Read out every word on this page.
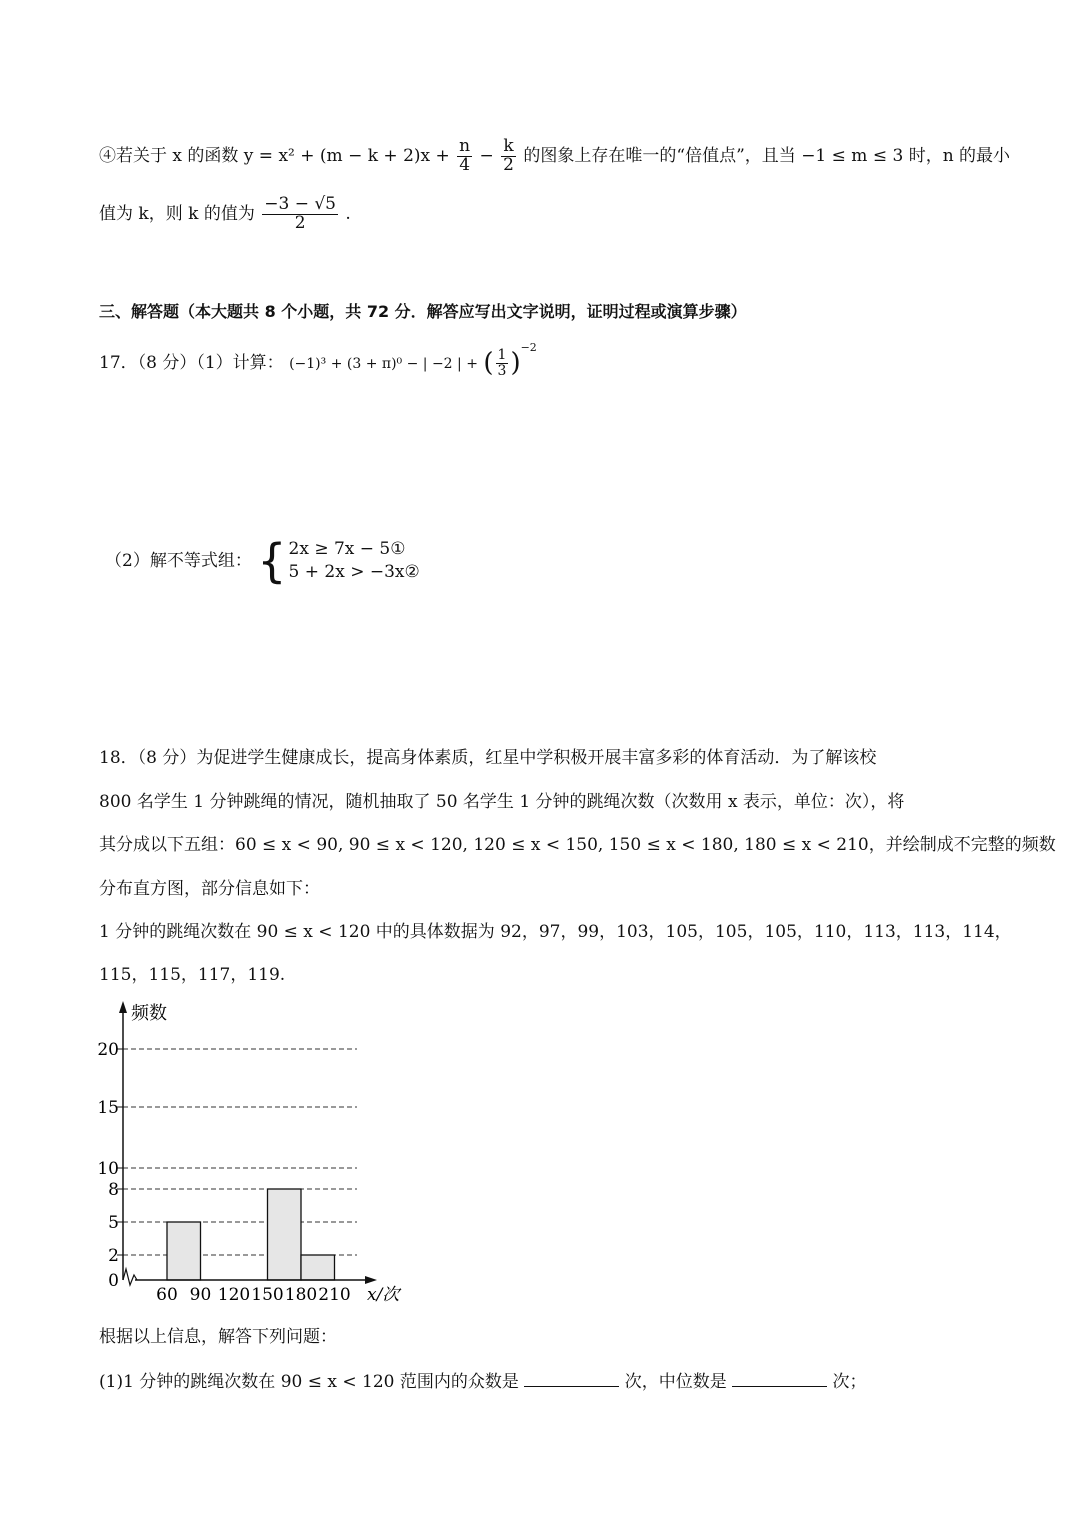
④若关于 x 的函数 $y = x^2 + (m - k + 2)x + \frac{n}{4} - \frac{k}{2}$ 的图象上存在唯一的“倍值点”，且当 −1 ≤ m ≤ 3 时，n 的最小
值为 k，则 k 的值为 $\frac{-3 - √5}{2}$ .
三、解答题（本大题共 8 个小题，共 72 分．解答应写出文字说明，证明过程或演算步骤）
17．（8 分）（1）计算： (−1)³ + (3 + π)⁰ − | −2 | + ( $\frac{1}{3} )^{-2}$
（2）解不等式组： { 2x ≥ 7x − 5①
5 + 2x > −3x②
18．（8 分）为促进学生健康成长，提高身体素质，红星中学积极开展丰富多彩的体育活动．为了解该校
800 名学生 1 分钟跳绳的情况，随机抽取了 50 名学生 1 分钟的跳绳次数（次数用 x 表示，单位：次），将
其分成以下五组：60 ≤ x < 90, 90 ≤ x < 120, 120 ≤ x < 150, 150 ≤ x < 180, 180 ≤ x < 210，并绘制成不完整的频数
分布直方图，部分信息如下：
1 分钟的跳绳次数在 90 ≤ x < 120 中的具体数据为 92，97，99，103，105，105，105，110，113，113，114，
115，115，117，119.
频数
x/次
0
2
5
8
10
15
20
60 90 120 150 180 210
根据以上信息，解答下列问题：
(1)1 分钟的跳绳次数在 90 ≤ x < 120 范围内的众数是	次，中位数是	次；
